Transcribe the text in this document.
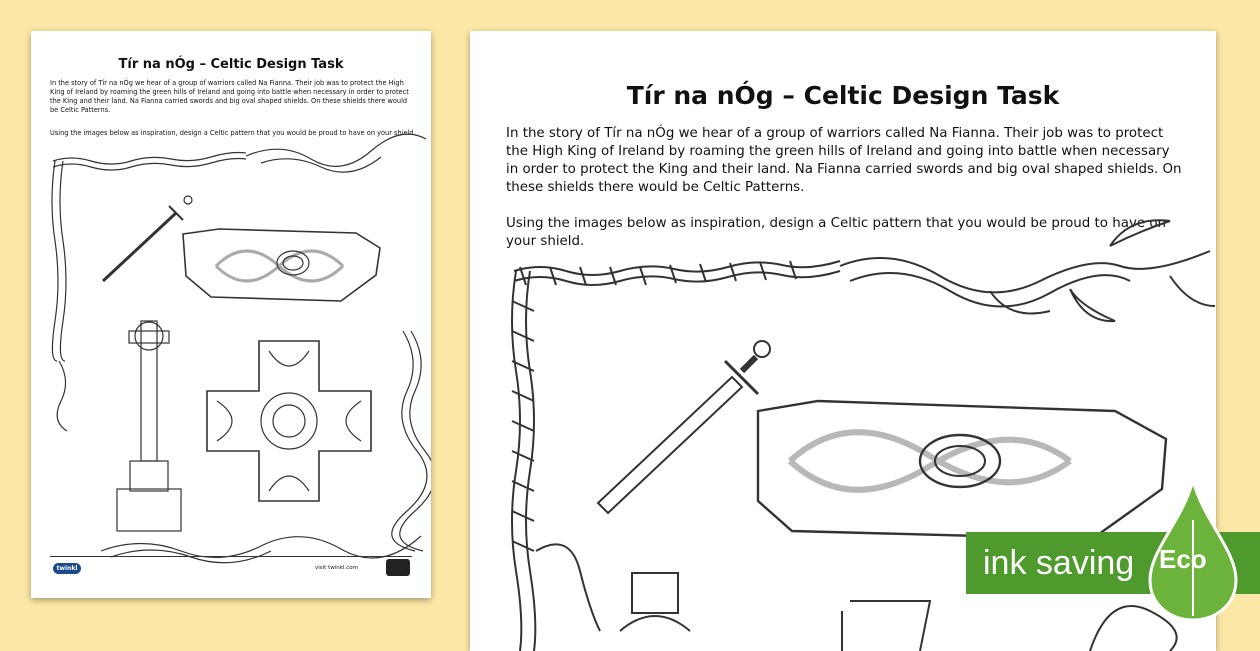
Tír na nÓg – Celtic Design Task

In the story of Tír na nÓg we hear of a group of warriors called Na Fianna. Their job was to protect the High King of Ireland by roaming the green hills of Ireland and going into battle when necessary in order to protect the King and their land. Na Fianna carried swords and big oval shaped shields. On these shields there would be Celtic Patterns.

Using the images below as inspiration, design a Celtic pattern that you would be proud to have on your shield.

twinkl	visit twinkl.com
Tír na nÓg – Celtic Design Task

In the story of Tír na nÓg we hear of a group of warriors called Na Fianna. Their job was to protect the High King of Ireland by roaming the green hills of Ireland and going into battle when necessary in order to protect the King and their land. Na Fianna carried swords and big oval shaped shields. On these shields there would be Celtic Patterns.

Using the images below as inspiration, design a Celtic pattern that you would be proud to have on your shield.

ink saving Eco
